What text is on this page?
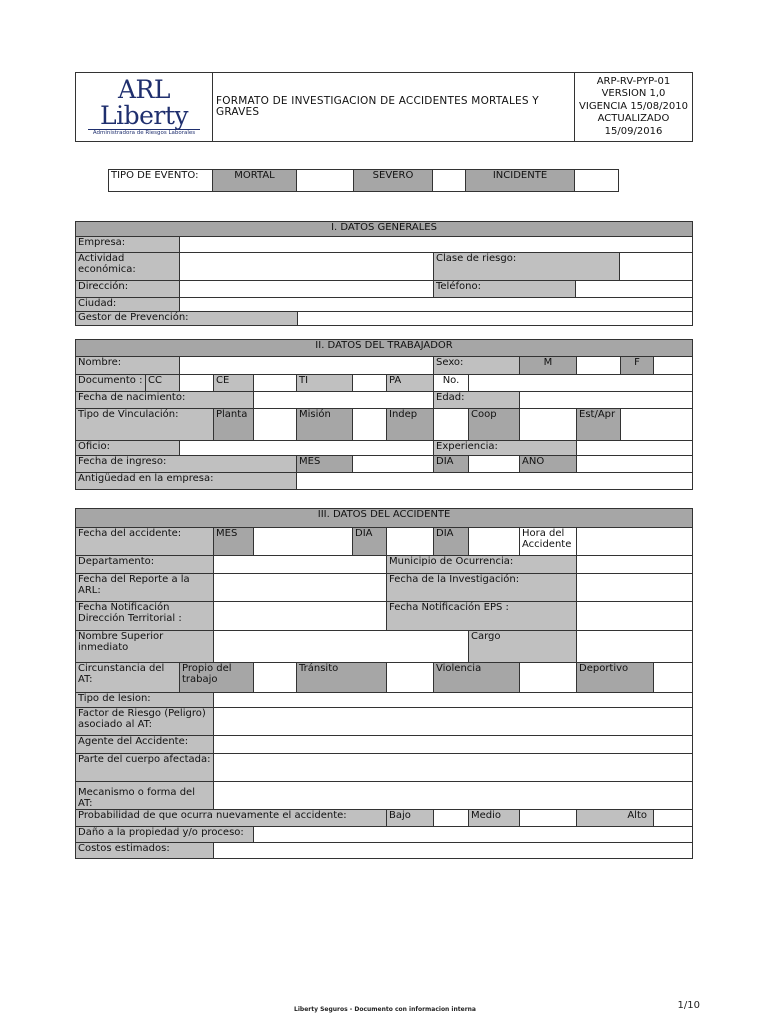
ARL Liberty
Administradora de Riesgos Laborales
	FORMATO DE INVESTIGACION DE ACCIDENTES MORTALES Y GRAVES	
ARP-RV-PYP-01
VERSION 1,0
VIGENCIA 15/08/2010
ACTUALIZADO
15/09/2016
TIPO DE EVENTO:	MORTAL		SEVERO		INCIDENTE	
I. DATOS GENERALES					
Empresa:					
Actividad económica:			Clase de riesgo:		
Dirección:			Teléfono:		
Ciudad:					
Gestor de Prevención:					
II. DATOS DEL TRABAJADOR													
Nombre:								Sexo:		M		F	
Documento :	CC		CE		TI		PA	No.					
Fecha de nacimiento:								Edad:					
Tipo de Vinculación:			Planta		Misión		Indep		Coop		Est/Apr		
Oficio:								Experiencia:					
Fecha de ingreso:					MES			DIA		AÑO			
Antigüedad en la empresa:													
III. DATOS DEL ACCIDENTE											
Fecha del accidente:		MES			DIA		DIA		Hora del Accidente		
Departamento:						Municipio de Ocurrencia:					
Fecha del Reporte a la ARL:						Fecha de la Investigación:					
Fecha Notificación Dirección Territorial :						Fecha Notificación EPS :					
Nombre Superior inmediato								Cargo			
Circunstancia del AT:	Propio del trabajo			Tránsito			Violencia			Deportivo	
Tipo de lesion:											
Factor de Riesgo (Peligro) asociado al AT:											
Agente del Accidente:											
Parte del cuerpo afectada:											
Mecanismo o forma del AT:											
Probabilidad de que ocurra nuevamente el accidente:						Bajo		Medio		Alto	
Daño a la propiedad y/o proceso:											
Costos estimados:											
Liberty Seguros - Documento con informacion interna	1/10
